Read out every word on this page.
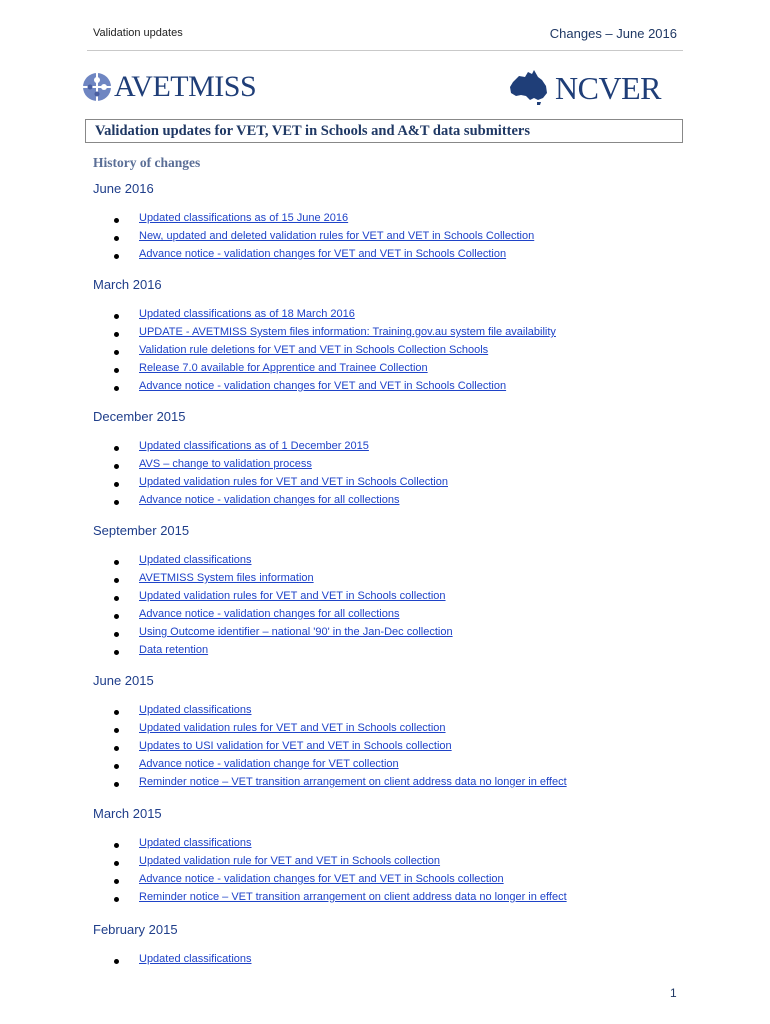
Validation updates	Changes – June 2016
AVETMISS	NCVER
Validation updates for VET, VET in Schools and A&T data submitters
History of changes
June 2016
Updated classifications as of 15 June 2016
New, updated and deleted validation rules for VET and VET in Schools Collection
Advance notice - validation changes for VET and VET in Schools Collection
March 2016
Updated classifications as of 18 March 2016
UPDATE - AVETMISS System files information: Training.gov.au system file availability
Validation rule deletions for VET and VET in Schools Collection Schools
Release 7.0 available for Apprentice and Trainee Collection
Advance notice - validation changes for VET and VET in Schools Collection
December 2015
Updated classifications as of 1 December 2015
AVS – change to validation process
Updated validation rules for VET and VET in Schools Collection
Advance notice - validation changes for all collections
September 2015
Updated classifications
AVETMISS System files information
Updated validation rules for VET and VET in Schools collection
Advance notice - validation changes for all collections
Using Outcome identifier – national '90' in the Jan-Dec collection
Data retention
June 2015
Updated classifications
Updated validation rules for VET and VET in Schools collection
Updates to USI validation for VET and VET in Schools collection
Advance notice - validation change for VET collection
Reminder notice – VET transition arrangement on client address data no longer in effect
March 2015
Updated classifications
Updated validation rule for VET and VET in Schools collection
Advance notice - validation changes for VET and VET in Schools collection
Reminder notice – VET transition arrangement on client address data no longer in effect
February 2015
Updated classifications
1
